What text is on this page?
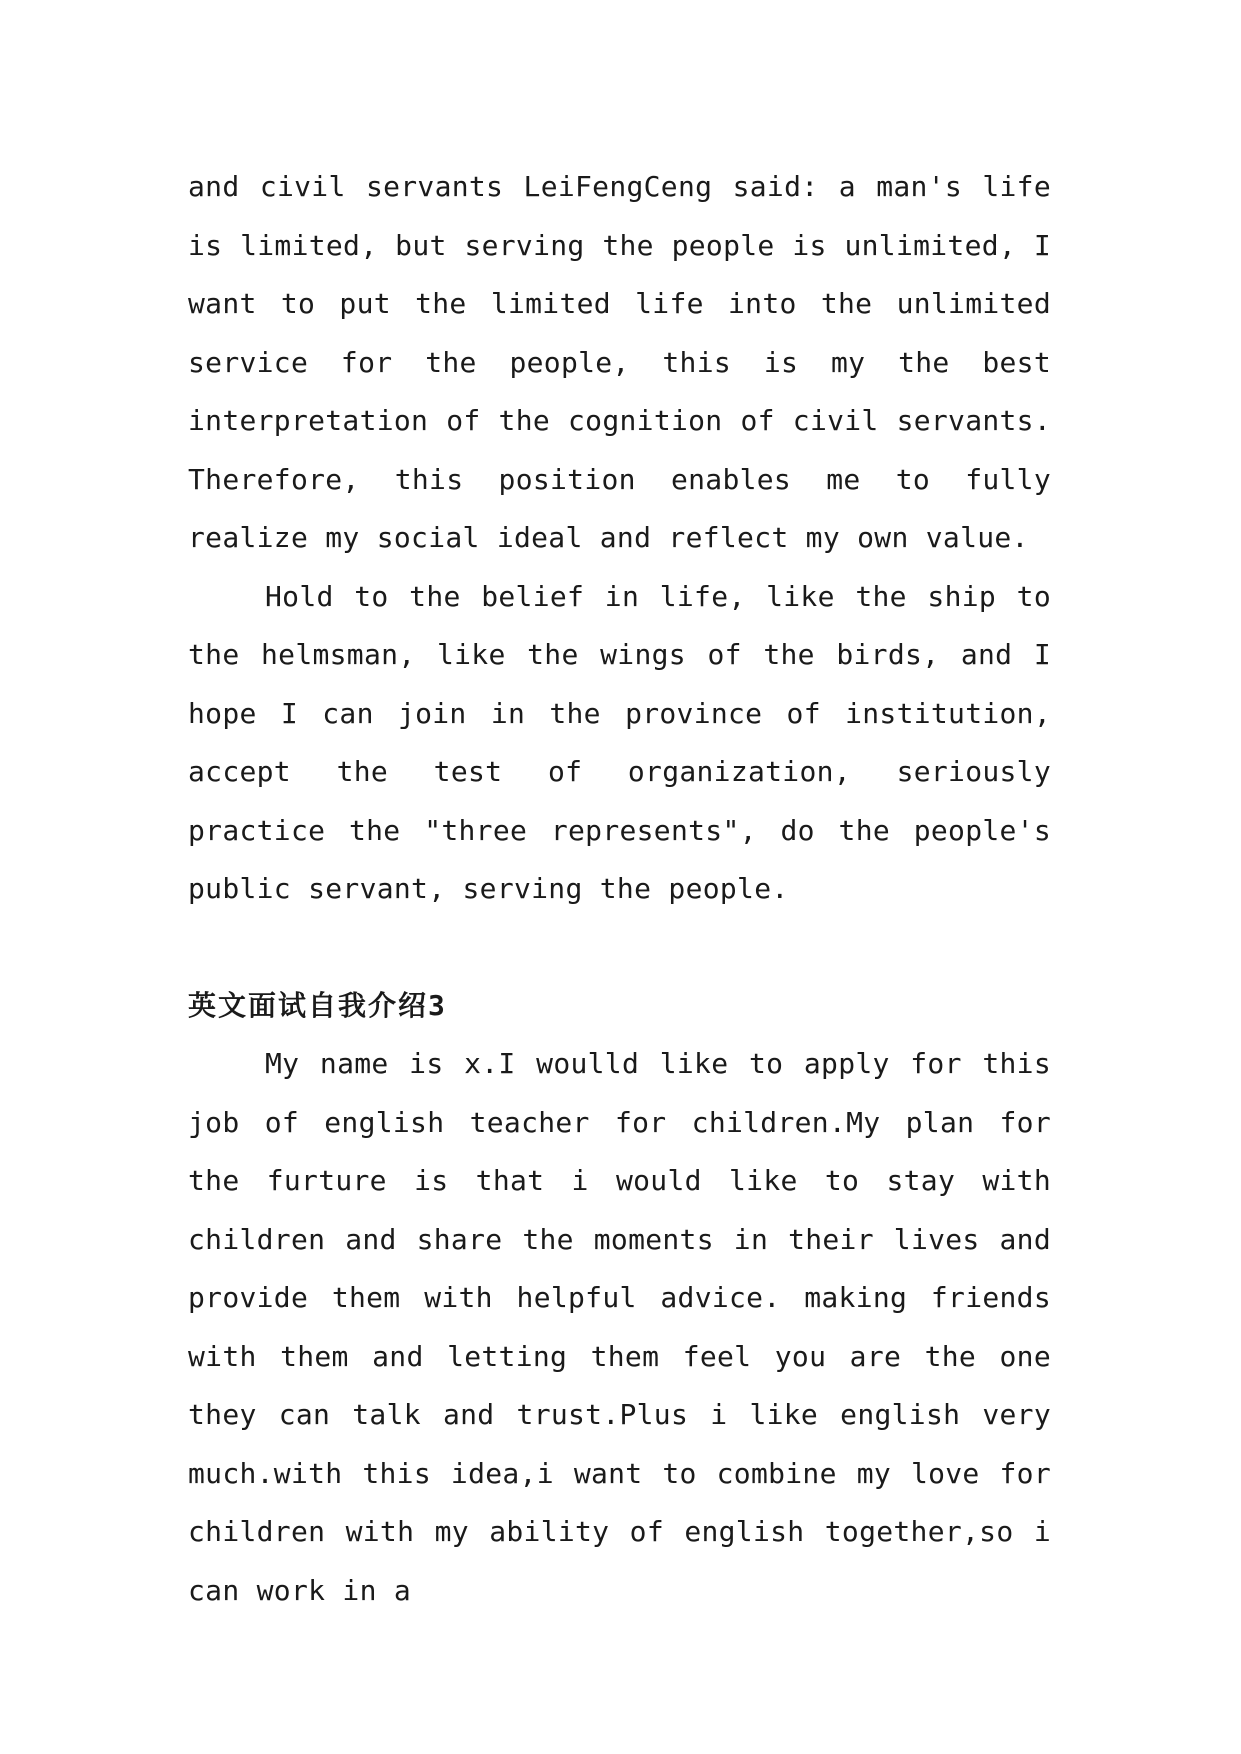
and civil servants LeiFengCeng said: a man's life is limited, but serving the people is unlimited, I want to put the limited life into the unlimited service for the people, this is my the best interpretation of the cognition of civil servants. Therefore, this position enables me to fully realize my social ideal and reflect my own value.

Hold to the belief in life, like the ship to the helmsman, like the wings of the birds, and I hope I can join in the province of institution, accept the test of organization, seriously practice the "three represents", do the people's public servant, serving the people.

英文面试自我介绍3

My name is x.I woulld like to apply for this job of english teacher for children.My plan for the furture is that i would like to stay with children and share the moments in their lives and provide them with helpful advice. making friends with them and letting them feel you are the one they can talk and trust.Plus i like english very much.with this idea,i want to combine my love for children with my ability of english together,so i can work in a
